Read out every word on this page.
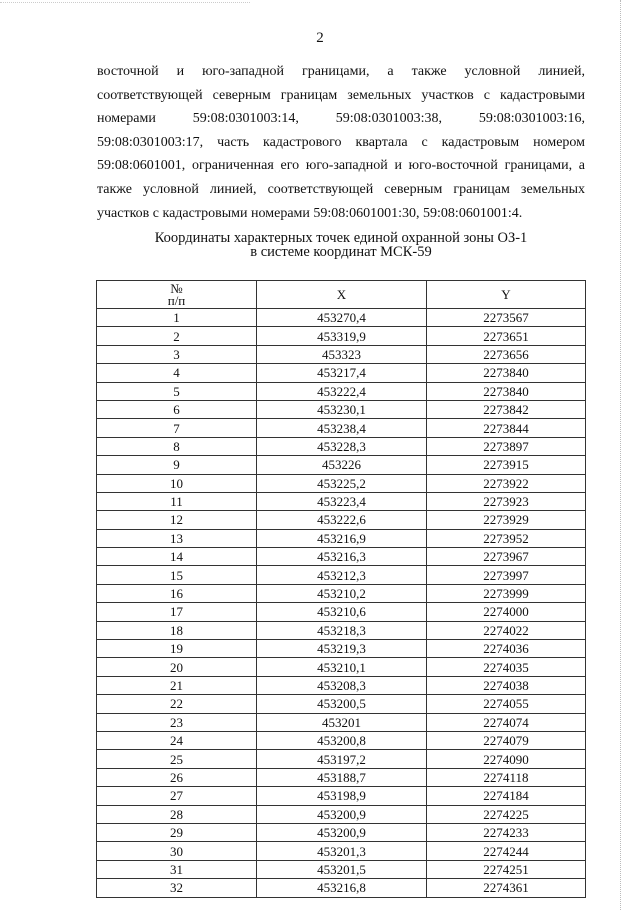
2

восточной и юго-западной границами, а также условной линией, соответствующей северным границам земельных участков с кадастровыми номерами 59:08:0301003:14, 59:08:0301003:38, 59:08:0301003:16, 59:08:0301003:17, часть кадастрового квартала с кадастровым номером 59:08:0601001, ограниченная его юго-западной и юго-восточной границами, а также условной линией, соответствующей северным границам земельных участков с кадастровыми номерами 59:08:0601001:30, 59:08:0601001:4.

Координаты характерных точек единой охранной зоны ОЗ-1
в системе координат МСК-59
№
п/п	X	Y
1	453270,4	2273567
2	453319,9	2273651
3	453323	2273656
4	453217,4	2273840
5	453222,4	2273840
6	453230,1	2273842
7	453238,4	2273844
8	453228,3	2273897
9	453226	2273915
10	453225,2	2273922
11	453223,4	2273923
12	453222,6	2273929
13	453216,9	2273952
14	453216,3	2273967
15	453212,3	2273997
16	453210,2	2273999
17	453210,6	2274000
18	453218,3	2274022
19	453219,3	2274036
20	453210,1	2274035
21	453208,3	2274038
22	453200,5	2274055
23	453201	2274074
24	453200,8	2274079
25	453197,2	2274090
26	453188,7	2274118
27	453198,9	2274184
28	453200,9	2274225
29	453200,9	2274233
30	453201,3	2274244
31	453201,5	2274251
32	453216,8	2274361
